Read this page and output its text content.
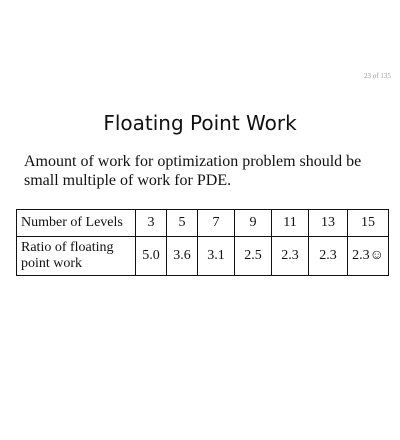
23 of 135
Floating Point Work
Amount of work for optimization problem should be
small multiple of work for PDE.
Number of Levels	3	5	7	9	11	13	15

Ratio of floating
point work	5.0	3.6	3.1	2.5	2.3	2.3	2.3☺
